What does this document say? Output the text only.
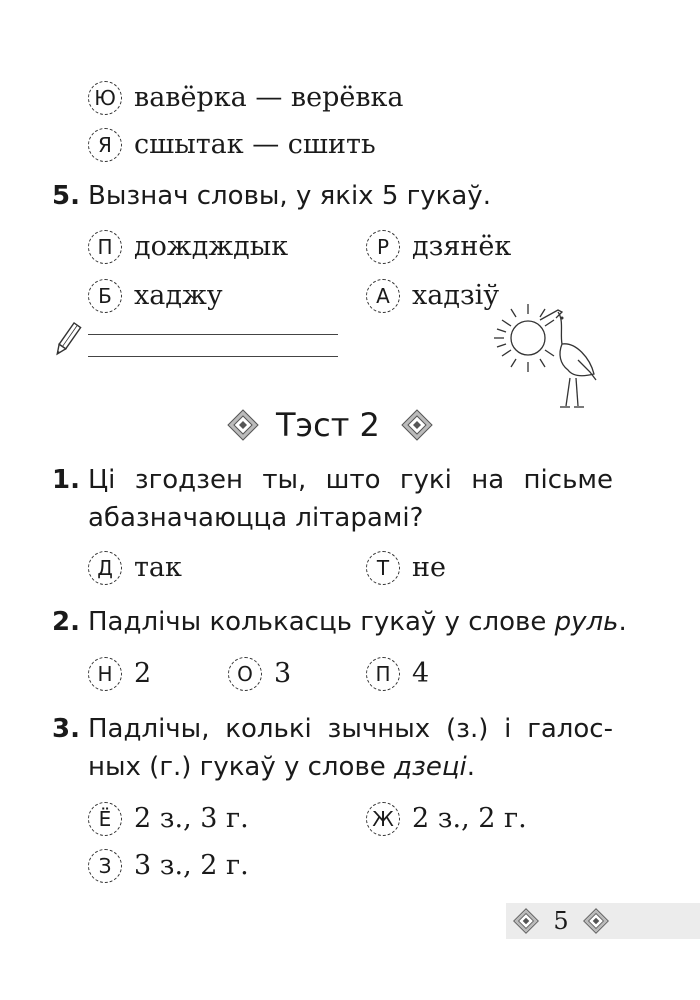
Ю вавёрка — верёвка
Я сшытак — сшить
5. Вызнач словы, у якіх 5 гукаў.
П дождждык	Р дзянёк
Б хаджу	А хадзіў
Тэст 2
1. Ці згодзен ты, што гукі на пісьме
абазначаюцца літарамі?
Д так	Т не
2. Падлічы колькасць гукаў у слове руль.
Н 2	О 3	П 4
3. Падлічы, колькі зычных (з.) і галос-
ных (г.) гукаў у слове дзеці.
Ё 2 з., 3 г.	Ж 2 з., 2 г.
З 3 з., 2 г.
5
